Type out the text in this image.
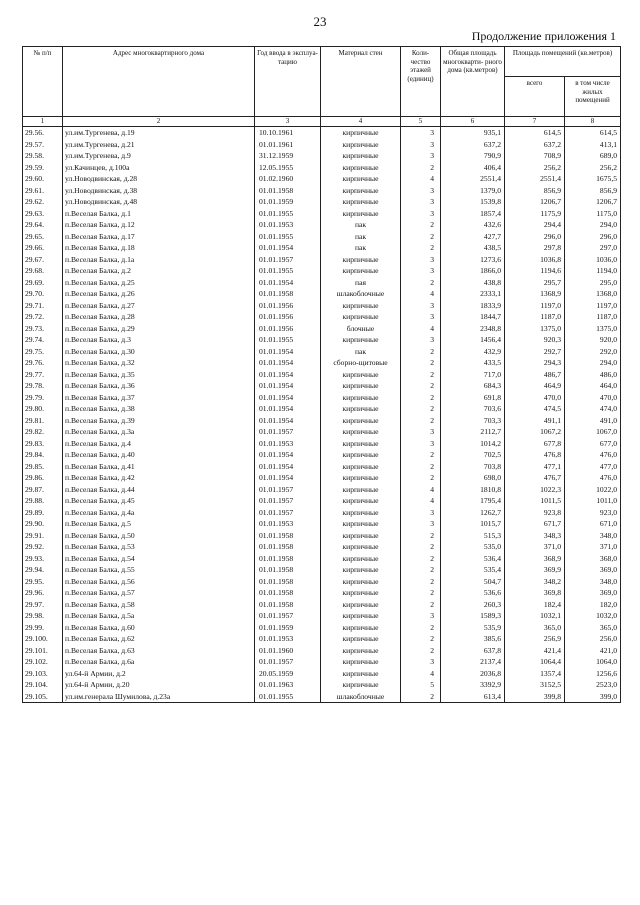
23
Продолжение приложения 1
№ п/п	Адрес многоквартирного дома	Год ввода в эксплуа- тацию	Материал стен	Коли- чество этажей (единиц)	Общая площадь многокварти- рного дома (кв.метров)	Площадь помещений (кв.метров)	
						всего	в том числе жилых помещений
1	2	3	4	5	6	7	8
29.56.	ул.им.Тургенева, д.19	10.10.1961	кирпичные	3	935,1	614,5	614,5
29.57.	ул.им.Тургенева, д.21	01.01.1961	кирпичные	3	637,2	637,2	413,1
29.58.	ул.им.Тургенева, д.9	31.12.1959	кирпичные	3	790,9	708,9	689,0
29.59.	ул.Качинцев, д.100а	12.05.1955	кирпичные	2	406,4	256,2	256,2
29.60.	ул.Новодвинская, д.28	01.02.1960	кирпичные	4	2551,4	2551,4	1675,5
29.61.	ул.Новодвинская, д.38	01.01.1958	кирпичные	3	1379,0	856,9	856,9
29.62.	ул.Новодвинская, д.48	01.01.1959	кирпичные	3	1539,8	1206,7	1206,7
29.63.	п.Веселая Балка, д.1	01.01.1955	кирпичные	3	1857,4	1175,9	1175,0
29.64.	п.Веселая Балка, д.12	01.01.1953	пак	2	432,6	294,4	294,0
29.65.	п.Веселая Балка, д.17	01.01.1955	пак	2	427,7	296,0	296,0
29.66.	п.Веселая Балка, д.18	01.01.1954	пак	2	438,5	297,8	297,0
29.67.	п.Веселая Балка, д.1а	01.01.1957	кирпичные	3	1273,6	1036,8	1036,0
29.68.	п.Веселая Балка, д.2	01.01.1955	кирпичные	3	1866,0	1194,6	1194,0
29.69.	п.Веселая Балка, д.25	01.01.1954	пая	2	438,8	295,7	295,0
29.70.	п.Веселая Балка, д.26	01.01.1958	шлакоблочные	4	2333,1	1368,9	1368,0
29.71.	п.Веселая Балка, д.27	01.01.1956	кирпичные	3	1833,9	1197,0	1197,0
29.72.	п.Веселая Балка, д.28	01.01.1956	кирпичные	3	1844,7	1187,0	1187,0
29.73.	п.Веселая Балка, д.29	01.01.1956	блочные	4	2348,8	1375,0	1375,0
29.74.	п.Веселая Балка, д.3	01.01.1955	кирпичные	3	1456,4	920,3	920,0
29.75.	п.Веселая Балка, д.30	01.01.1954	пак	2	432,9	292,7	292,0
29.76.	п.Веселая Балка, д.32	01.01.1954	сборно-щитовые	2	433,5	294,3	294,0
29.77.	п.Веселая Балка, д.35	01.01.1954	кирпичные	2	717,0	486,7	486,0
29.78.	п.Веселая Балка, д.36	01.01.1954	кирпичные	2	684,3	464,9	464,0
29.79.	п.Веселая Балка, д.37	01.01.1954	кирпичные	2	691,8	470,0	470,0
29.80.	п.Веселая Балка, д.38	01.01.1954	кирпичные	2	703,6	474,5	474,0
29.81.	п.Веселая Балка, д.39	01.01.1954	кирпичные	2	703,3	491,1	491,0
29.82.	п.Веселая Балка, д.3а	01.01.1957	кирпичные	3	2112,7	1067,2	1067,0
29.83.	п.Веселая Балка, д.4	01.01.1953	кирпичные	3	1014,2	677,8	677,0
29.84.	п.Веселая Балка, д.40	01.01.1954	кирпичные	2	702,5	476,8	476,0
29.85.	п.Веселая Балка, д.41	01.01.1954	кирпичные	2	703,8	477,1	477,0
29.86.	п.Веселая Балка, д.42	01.01.1954	кирпичные	2	698,0	476,7	476,0
29.87.	п.Веселая Балка, д.44	01.01.1957	кирпичные	4	1810,8	1022,3	1022,0
29.88.	п.Веселая Балка, д.45	01.01.1957	кирпичные	4	1795,4	1011,5	1011,0
29.89.	п.Веселая Балка, д.4а	01.01.1957	кирпичные	3	1262,7	923,8	923,0
29.90.	п.Веселая Балка, д.5	01.01.1953	кирпичные	3	1015,7	671,7	671,0
29.91.	п.Веселая Балка, д.50	01.01.1958	кирпичные	2	515,3	348,3	348,0
29.92.	п.Веселая Балка, д.53	01.01.1958	кирпичные	2	535,0	371,0	371,0
29.93.	п.Веселая Балка, д.54	01.01.1958	кирпичные	2	536,4	368,9	368,0
29.94.	п.Веселая Балка, д.55	01.01.1958	кирпичные	2	535,4	369,9	369,0
29.95.	п.Веселая Балка, д.56	01.01.1958	кирпичные	2	504,7	348,2	348,0
29.96.	п.Веселая Балка, д.57	01.01.1958	кирпичные	2	536,6	369,8	369,0
29.97.	п.Веселая Балка, д.58	01.01.1958	кирпичные	2	260,3	182,4	182,0
29.98.	п.Веселая Балка, д.5а	01.01.1957	кирпичные	3	1589,3	1032,1	1032,0
29.99.	п.Веселая Балка, д.60	01.01.1959	кирпичные	2	535,9	365,0	365,0
29.100.	п.Веселая Балка, д.62	01.01.1953	кирпичные	2	385,6	256,9	256,0
29.101.	п.Веселая Балка, д.63	01.01.1960	кирпичные	2	637,8	421,4	421,0
29.102.	п.Веселая Балка, д.6а	01.01.1957	кирпичные	3	2137,4	1064,4	1064,0
29.103.	ул.64-й Армии, д.2	20.05.1959	кирпичные	4	2036,8	1357,4	1256,6
29.104.	ул.64-й Армии, д.20	01.01.1963	кирпичные	5	3392,9	3152,5	2523,0
29.105.	ул.им.генерала Шумилова, д.23а	01.01.1955	шлакоблочные	2	613,4	399,8	399,0
